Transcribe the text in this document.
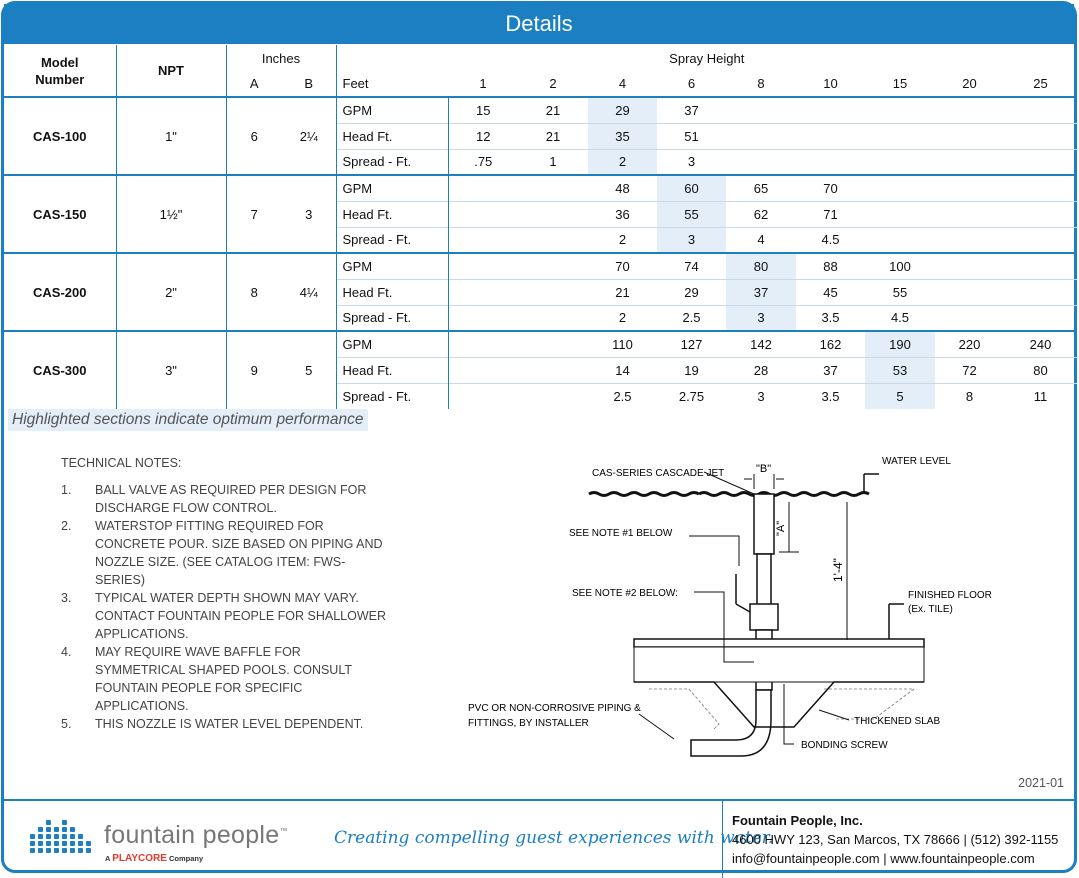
Details
Model Number	NPT	Inches		Spray Height									
		A	B	Feet	1	2	4	6	8	10	15	20	25
CAS-100	1"	6	2¼	GPM	15	21	29	37					
				Head Ft.	12	21	35	51					
				Spread - Ft.	.75	1	2	3					
CAS-150	1½"	7	3	GPM			48	60	65	70			
				Head Ft.			36	55	62	71			
				Spread - Ft.			2	3	4	4.5			
CAS-200	2"	8	4¼	GPM			70	74	80	88	100		
				Head Ft.			21	29	37	45	55		
				Spread - Ft.			2	2.5	3	3.5	4.5		
CAS-300	3"	9	5	GPM			110	127	142	162	190	220	240
				Head Ft.			14	19	28	37	53	72	80
				Spread - Ft.			2.5	2.75	3	3.5	5	8	11
Highlighted sections indicate optimum performance
TECHNICAL NOTES:
1.	BALL VALVE AS REQUIRED PER DESIGN FOR DISCHARGE FLOW CONTROL.
2.	WATERSTOP FITTING REQUIRED FOR CONCRETE POUR. SIZE BASED ON PIPING AND NOZZLE SIZE. (SEE CATALOG ITEM: FWS-SERIES)
3.	TYPICAL WATER DEPTH SHOWN MAY VARY. CONTACT FOUNTAIN PEOPLE FOR SHALLOWER APPLICATIONS.
4.	MAY REQUIRE WAVE BAFFLE FOR SYMMETRICAL SHAPED POOLS. CONSULT FOUNTAIN PEOPLE FOR SPECIFIC APPLICATIONS.
5.	THIS NOZZLE IS WATER LEVEL DEPENDENT.
CAS-SERIES CASCADE JET	"B"
"A"
WATER LEVEL
SEE NOTE #1 BELOW
1'-4"
SEE NOTE #2 BELOW:	FINISHED FLOOR
(Ex. TILE)
PVC OR NON-CORROSIVE PIPING &
FITTINGS, BY INSTALLER	THICKENED SLAB
BONDING SCREW
2021-01
fountain people™
A PLAYCORE Company
Creating compelling guest experiences with water.
Fountain People, Inc.
4600 HWY 123, San Marcos, TX 78666 | (512) 392-1155
info@fountainpeople.com | www.fountainpeople.com
